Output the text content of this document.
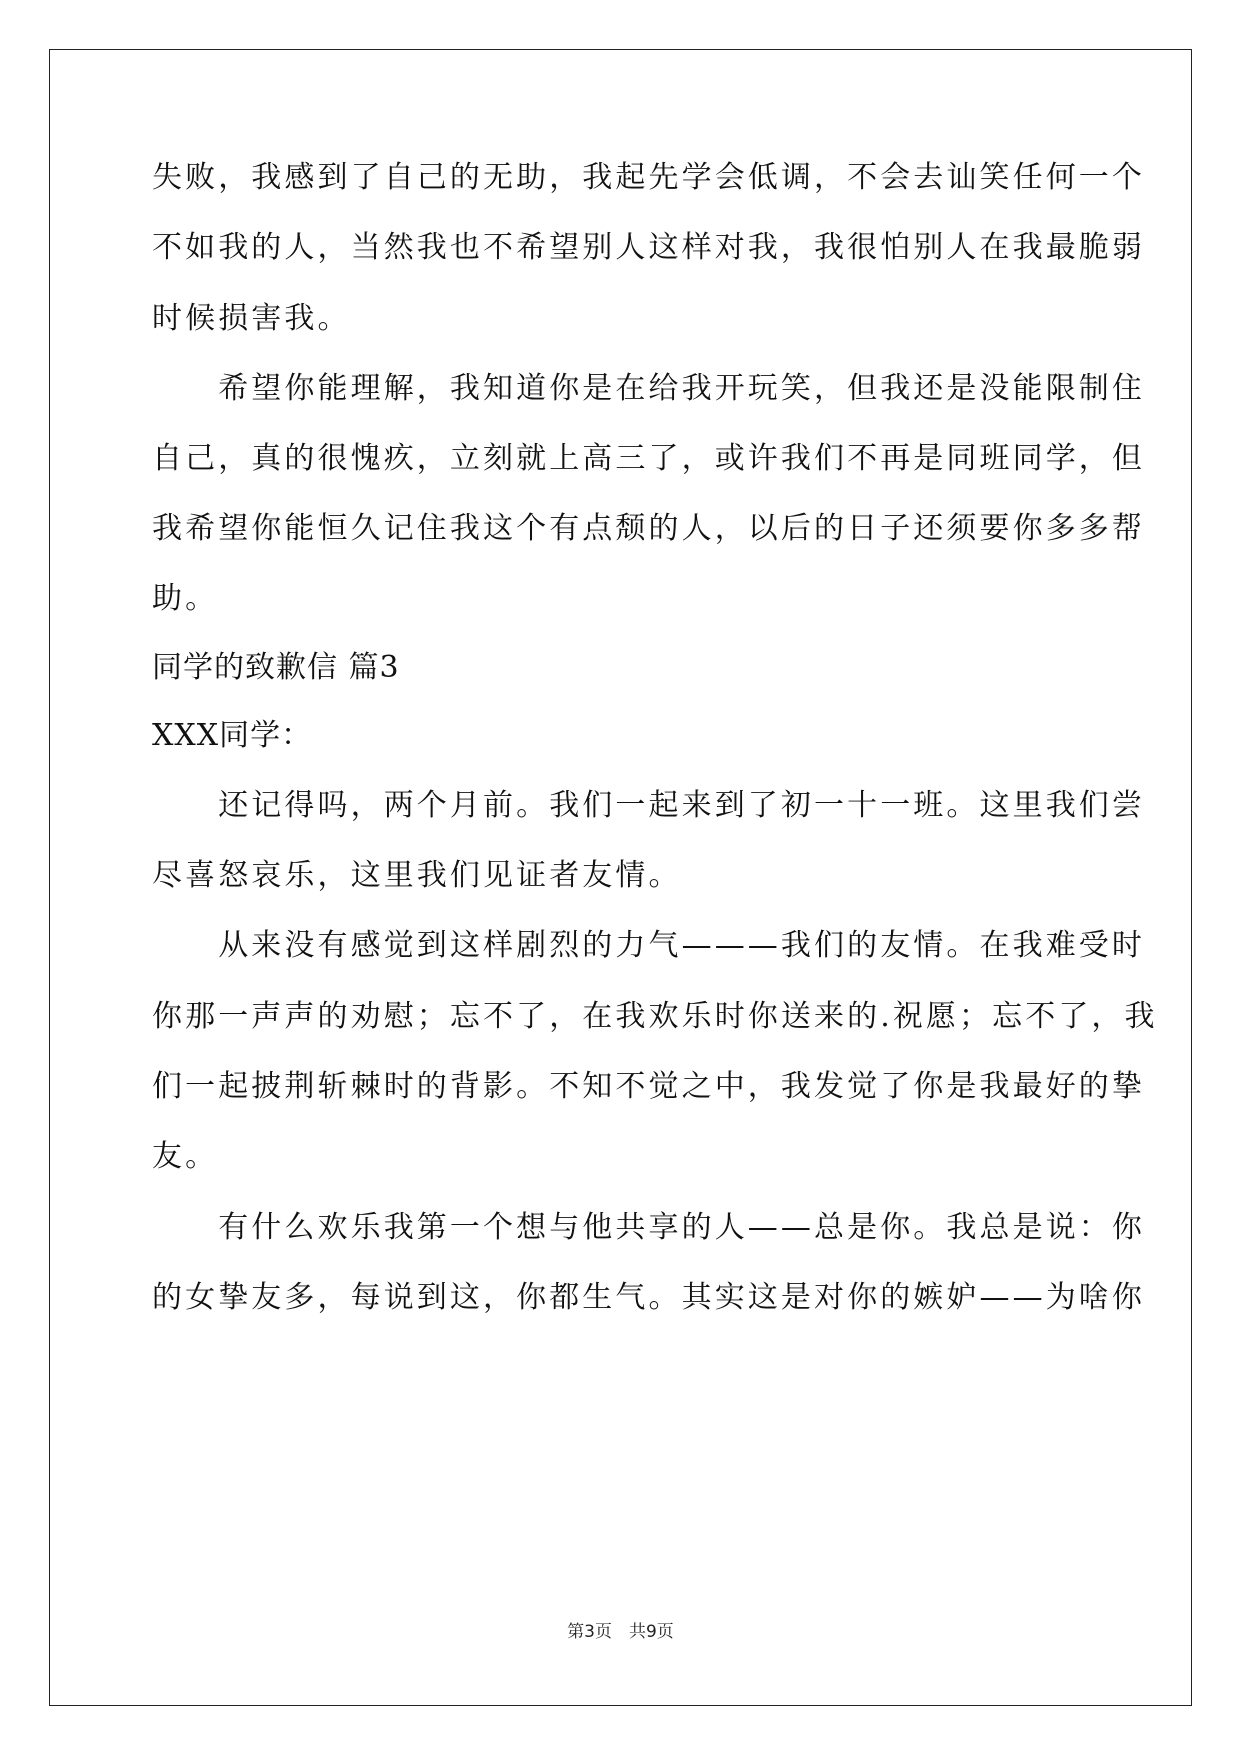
失败，我感到了自己的无助，我起先学会低调，不会去讪笑任何一个
不如我的人，当然我也不希望别人这样对我，我很怕别人在我最脆弱
时候损害我。
　　希望你能理解，我知道你是在给我开玩笑，但我还是没能限制住
自己，真的很愧疚，立刻就上高三了，或许我们不再是同班同学，但
我希望你能恒久记住我这个有点颓的人，以后的日子还须要你多多帮
助。
同学的致歉信 篇3
XXX同学：
　　还记得吗，两个月前。我们一起来到了初一十一班。这里我们尝
尽喜怒哀乐，这里我们见证者友情。
　　从来没有感觉到这样剧烈的力气———我们的友情。在我难受时
你那一声声的劝慰；忘不了，在我欢乐时你送来的.祝愿；忘不了，我
们一起披荆斩棘时的背影。不知不觉之中，我发觉了你是我最好的挚
友。
　　有什么欢乐我第一个想与他共享的人——总是你。我总是说：你
的女挚友多，每说到这，你都生气。其实这是对你的嫉妒——为啥你
第3页　共9页
